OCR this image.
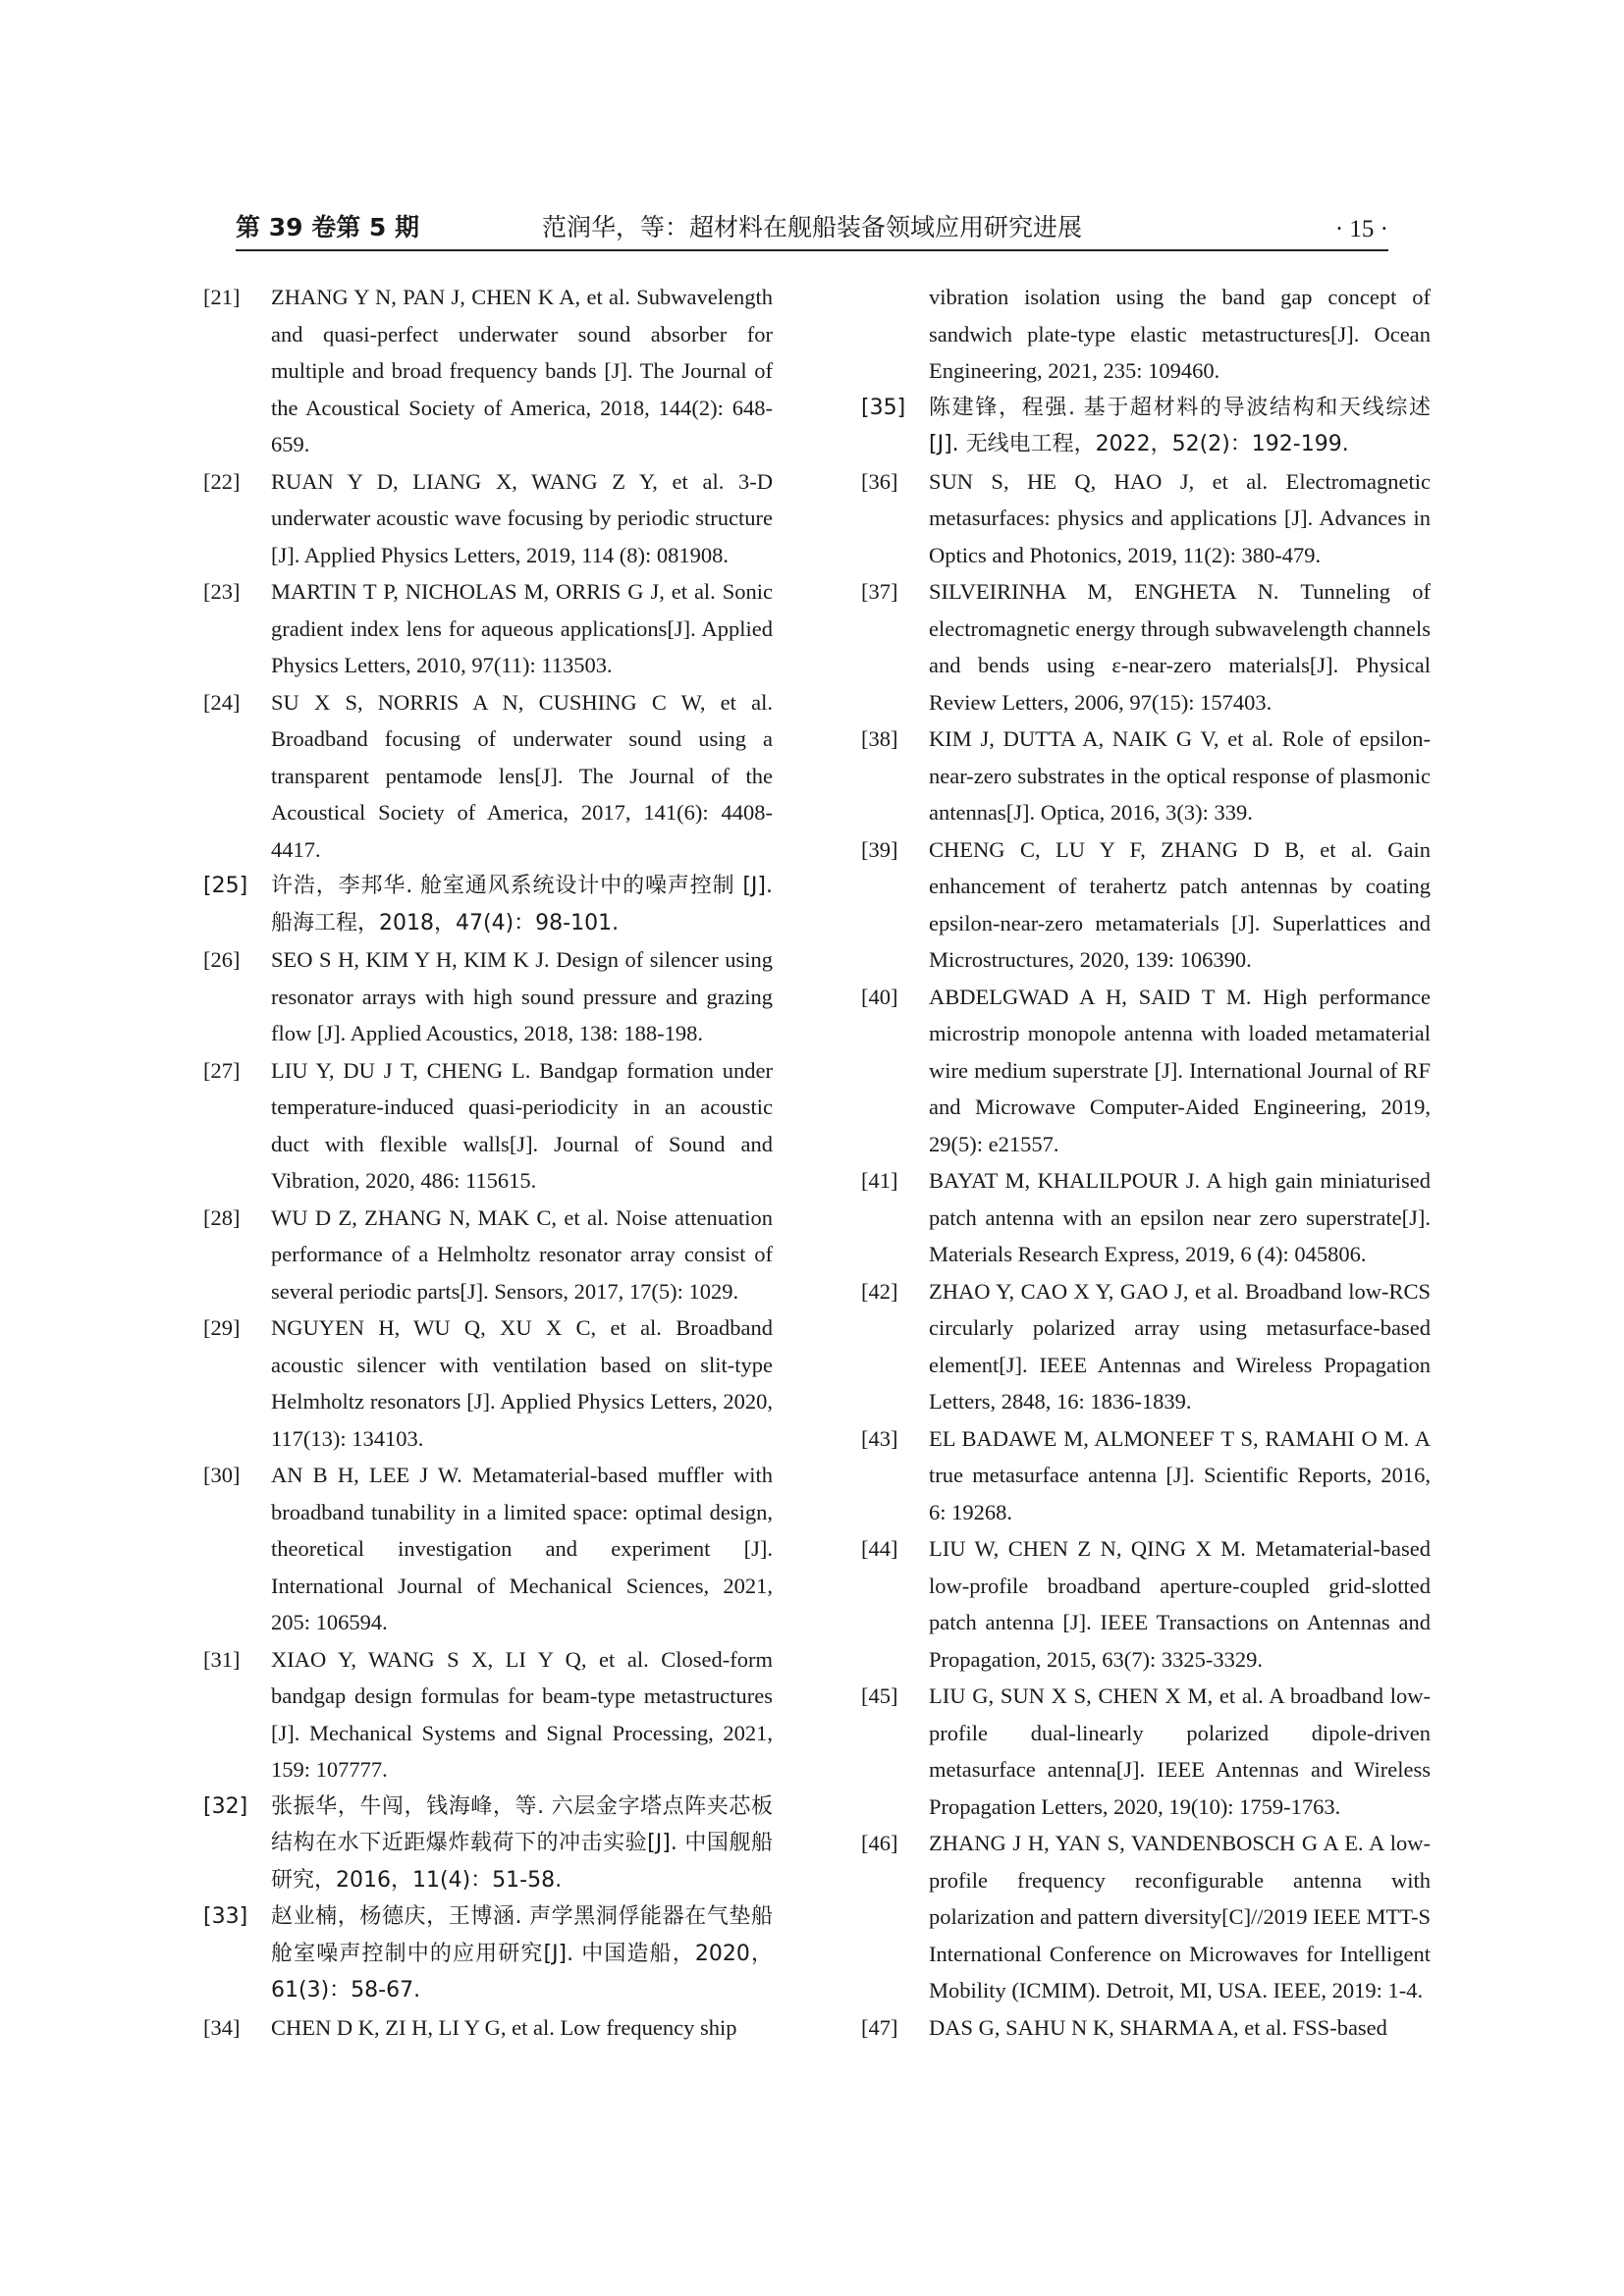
范润华，等：超材料在舰船装备领域应用研究进展
第 39 卷第 5 期	· 15 ·
[21] ZHANG Y N, PAN J, CHEN K A, et al. Subwavelength and quasi-perfect underwater sound absorber for multiple and broad frequency bands [J]. The Journal of the Acoustical Society of America, 2018, 144(2): 648-659.
[22] RUAN Y D, LIANG X, WANG Z Y, et al. 3-D underwater acoustic wave focusing by periodic structure [J]. Applied Physics Letters, 2019, 114 (8): 081908.
[23] MARTIN T P, NICHOLAS M, ORRIS G J, et al. Sonic gradient index lens for aqueous applications[J]. Applied Physics Letters, 2010, 97(11): 113503.
[24] SU X S, NORRIS A N, CUSHING C W, et al. Broadband focusing of underwater sound using a transparent pentamode lens[J]. The Journal of the Acoustical Society of America, 2017, 141(6): 4408-4417.
[25] 许浩，李邦华. 舱室通风系统设计中的噪声控制 [J]. 船海工程，2018，47(4)：98-101.
[26] SEO S H, KIM Y H, KIM K J. Design of silencer using resonator arrays with high sound pressure and grazing flow [J]. Applied Acoustics, 2018, 138: 188-198.
[27] LIU Y, DU J T, CHENG L. Bandgap formation under temperature-induced quasi-periodicity in an acoustic duct with flexible walls[J]. Journal of Sound and Vibration, 2020, 486: 115615.
[28] WU D Z, ZHANG N, MAK C, et al. Noise attenuation performance of a Helmholtz resonator array consist of several periodic parts[J]. Sensors, 2017, 17(5): 1029.
[29] NGUYEN H, WU Q, XU X C, et al. Broadband acoustic silencer with ventilation based on slit-type Helmholtz resonators [J]. Applied Physics Letters, 2020, 117(13): 134103.
[30] AN B H, LEE J W. Metamaterial-based muffler with broadband tunability in a limited space: optimal design, theoretical investigation and experiment [J]. International Journal of Mechanical Sciences, 2021, 205: 106594.
[31] XIAO Y, WANG S X, LI Y Q, et al. Closed-form bandgap design formulas for beam-type metastructures [J]. Mechanical Systems and Signal Processing, 2021, 159: 107777.
[32] 张振华，牛闯，钱海峰，等. 六层金字塔点阵夹芯板结构在水下近距爆炸载荷下的冲击实验[J]. 中国舰船研究，2016，11(4)：51-58.
[33] 赵业楠，杨德庆，王博涵. 声学黑洞俘能器在气垫船舱室噪声控制中的应用研究[J]. 中国造船，2020，61(3)：58-67.
[34] CHEN D K, ZI H, LI Y G, et al. Low frequency ship
vibration isolation using the band gap concept of sandwich plate-type elastic metastructures[J]. Ocean Engineering, 2021, 235: 109460.
[35] 陈建锋，程强. 基于超材料的导波结构和天线综述 [J]. 无线电工程，2022，52(2)：192-199.
[36] SUN S, HE Q, HAO J, et al. Electromagnetic metasurfaces: physics and applications [J]. Advances in Optics and Photonics, 2019, 11(2): 380-479.
[37] SILVEIRINHA M, ENGHETA N. Tunneling of electromagnetic energy through subwavelength channels and bends using ε-near-zero materials[J]. Physical Review Letters, 2006, 97(15): 157403.
[38] KIM J, DUTTA A, NAIK G V, et al. Role of epsilon-near-zero substrates in the optical response of plasmonic antennas[J]. Optica, 2016, 3(3): 339.
[39] CHENG C, LU Y F, ZHANG D B, et al. Gain enhancement of terahertz patch antennas by coating epsilon-near-zero metamaterials [J]. Superlattices and Microstructures, 2020, 139: 106390.
[40] ABDELGWAD A H, SAID T M. High performance microstrip monopole antenna with loaded metamaterial wire medium superstrate [J]. International Journal of RF and Microwave Computer-Aided Engineering, 2019, 29(5): e21557.
[41] BAYAT M, KHALILPOUR J. A high gain miniaturised patch antenna with an epsilon near zero superstrate[J]. Materials Research Express, 2019, 6 (4): 045806.
[42] ZHAO Y, CAO X Y, GAO J, et al. Broadband low-RCS circularly polarized array using metasurface-based element[J]. IEEE Antennas and Wireless Propagation Letters, 2848, 16: 1836-1839.
[43] EL BADAWE M, ALMONEEF T S, RAMAHI O M. A true metasurface antenna [J]. Scientific Reports, 2016, 6: 19268.
[44] LIU W, CHEN Z N, QING X M. Metamaterial-based low-profile broadband aperture-coupled grid-slotted patch antenna [J]. IEEE Transactions on Antennas and Propagation, 2015, 63(7): 3325-3329.
[45] LIU G, SUN X S, CHEN X M, et al. A broadband low-profile dual-linearly polarized dipole-driven metasurface antenna[J]. IEEE Antennas and Wireless Propagation Letters, 2020, 19(10): 1759-1763.
[46] ZHANG J H, YAN S, VANDENBOSCH G A E. A low-profile frequency reconfigurable antenna with polarization and pattern diversity[C]//2019 IEEE MTT-S International Conference on Microwaves for Intelligent Mobility (ICMIM). Detroit, MI, USA. IEEE, 2019: 1-4.
[47] DAS G, SAHU N K, SHARMA A, et al. FSS-based
